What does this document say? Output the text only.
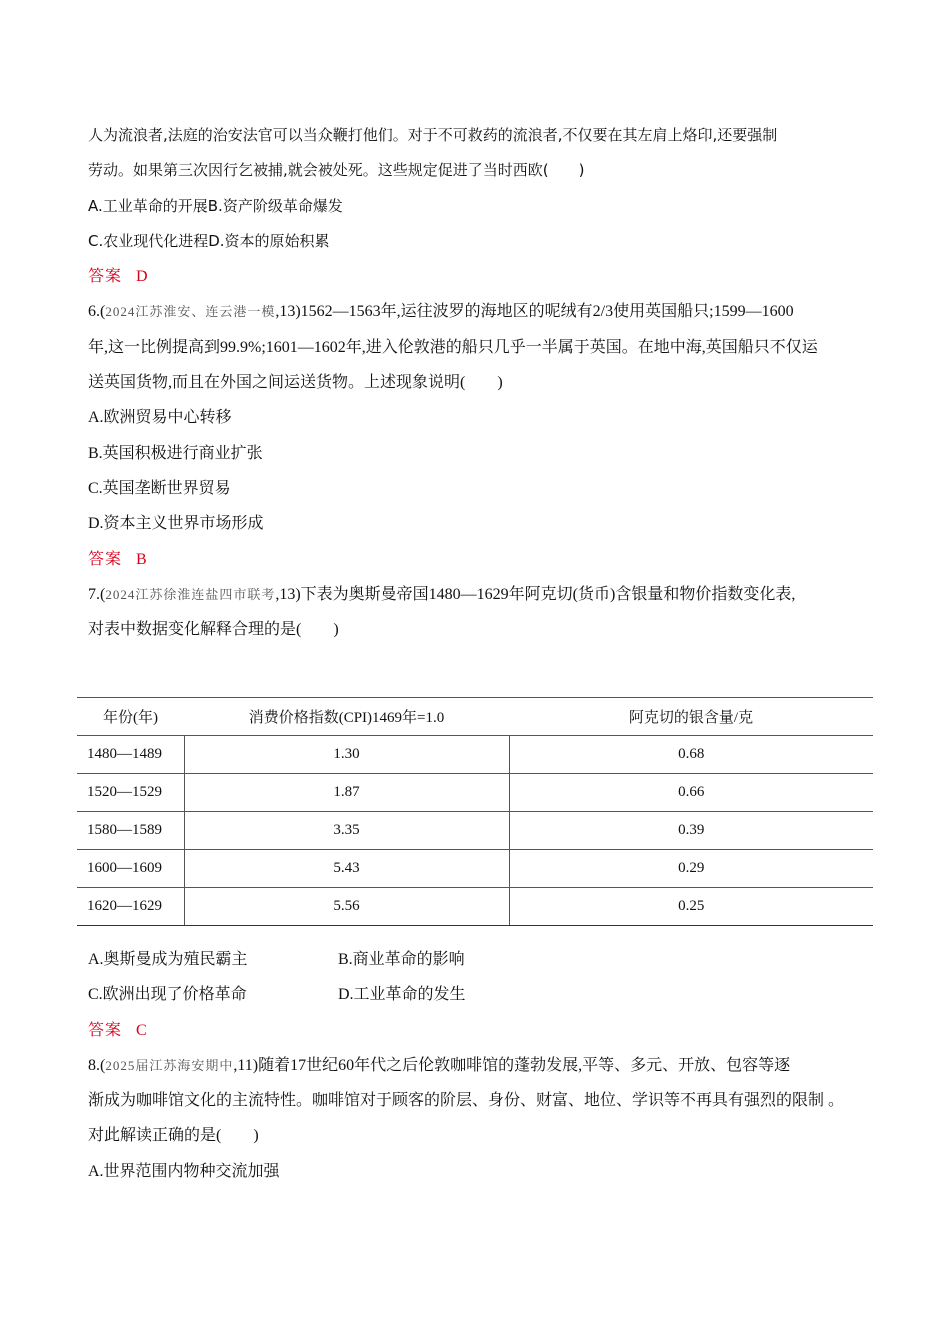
人为流浪者,法庭的治安法官可以当众鞭打他们。对于不可救药的流浪者,不仅要在其左肩上烙印,还要强制
劳动。如果第三次因行乞被捕,就会被处死。这些规定促进了当时西欧(　　)
A.工业革命的开展B.资产阶级革命爆发
C.农业现代化进程D.资本的原始积累
答案 D
6.(2024江苏淮安、连云港一模,13)1562—1563年,运往波罗的海地区的呢绒有2/3使用英国船只;1599—1600
年,这一比例提高到99.9%;1601—1602年,进入伦敦港的船只几乎一半属于英国。在地中海,英国船只不仅运
送英国货物,而且在外国之间运送货物。上述现象说明(　　)
A.欧洲贸易中心转移
B.英国积极进行商业扩张
C.英国垄断世界贸易
D.资本主义世界市场形成
答案 B
7.(2024江苏徐淮连盐四市联考,13)下表为奥斯曼帝国1480—1629年阿克切(货币)含银量和物价指数变化表,
对表中数据变化解释合理的是(　　)
年份(年)	消费价格指数(CPI)1469年=1.0	阿克切的银含量/克
1480—1489	1.30	0.68
1520—1529	1.87	0.66
1580—1589	3.35	0.39
1600—1609	5.43	0.29
1620—1629	5.56	0.25
A.奥斯曼成为殖民霸主	B.商业革命的影响
C.欧洲出现了价格革命	D.工业革命的发生
答案 C
8.(2025届江苏海安期中,11)随着17世纪60年代之后伦敦咖啡馆的蓬勃发展,平等、多元、开放、包容等逐
渐成为咖啡馆文化的主流特性。咖啡馆对于顾客的阶层、身份、财富、地位、学识等不再具有强烈的限制 。
对此解读正确的是(　　)
A.世界范围内物种交流加强
